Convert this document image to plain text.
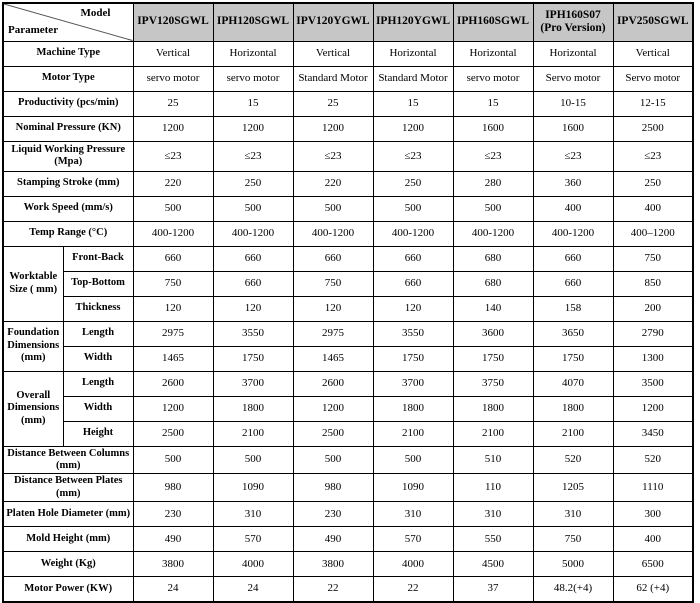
Model
Parameter		IPV120SGWL	IPH120SGWL	IPV120YGWL	IPH120YGWL	IPH160SGWL	IPH160S07 (Pro Version)	IPV250SGWL
Machine Type		Vertical	Horizontal	Vertical	Horizontal	Horizontal	Horizontal	Vertical
Motor Type		servo motor	servo motor	Standard Motor	Standard Motor	servo motor	Servo motor	Servo motor
Productivity (pcs/min)		25	15	25	15	15	10-15	12-15
Nominal Pressure (KN)		1200	1200	1200	1200	1600	1600	2500
Liquid Working Pressure (Mpa)		≤23	≤23	≤23	≤23	≤23	≤23	≤23
Stamping Stroke (mm)		220	250	220	250	280	360	250
Work Speed (mm/s)		500	500	500	500	500	400	400
Temp Range (°C)		400-1200	400-1200	400-1200	400-1200	400-1200	400-1200	400–1200
Worktable Size ( mm)	Front-Back	660	660	660	660	680	660	750
	Top-Bottom	750	660	750	660	680	660	850
	Thickness	120	120	120	120	140	158	200
Foundation Dimensions (mm)	Length	2975	3550	2975	3550	3600	3650	2790
	Width	1465	1750	1465	1750	1750	1750	1300
Overall Dimensions (mm)	Length	2600	3700	2600	3700	3750	4070	3500
	Width	1200	1800	1200	1800	1800	1800	1200
	Height	2500	2100	2500	2100	2100	2100	3450
Distance Between Columns (mm)		500	500	500	500	510	520	520
Distance Between Plates (mm)		980	1090	980	1090	110	1205	1110
Platen Hole Diameter (mm)		230	310	230	310	310	310	300
Mold Height (mm)		490	570	490	570	550	750	400
Weight (Kg)		3800	4000	3800	4000	4500	5000	6500
Motor Power (KW)		24	24	22	22	37	48.2(+4)	62 (+4)
